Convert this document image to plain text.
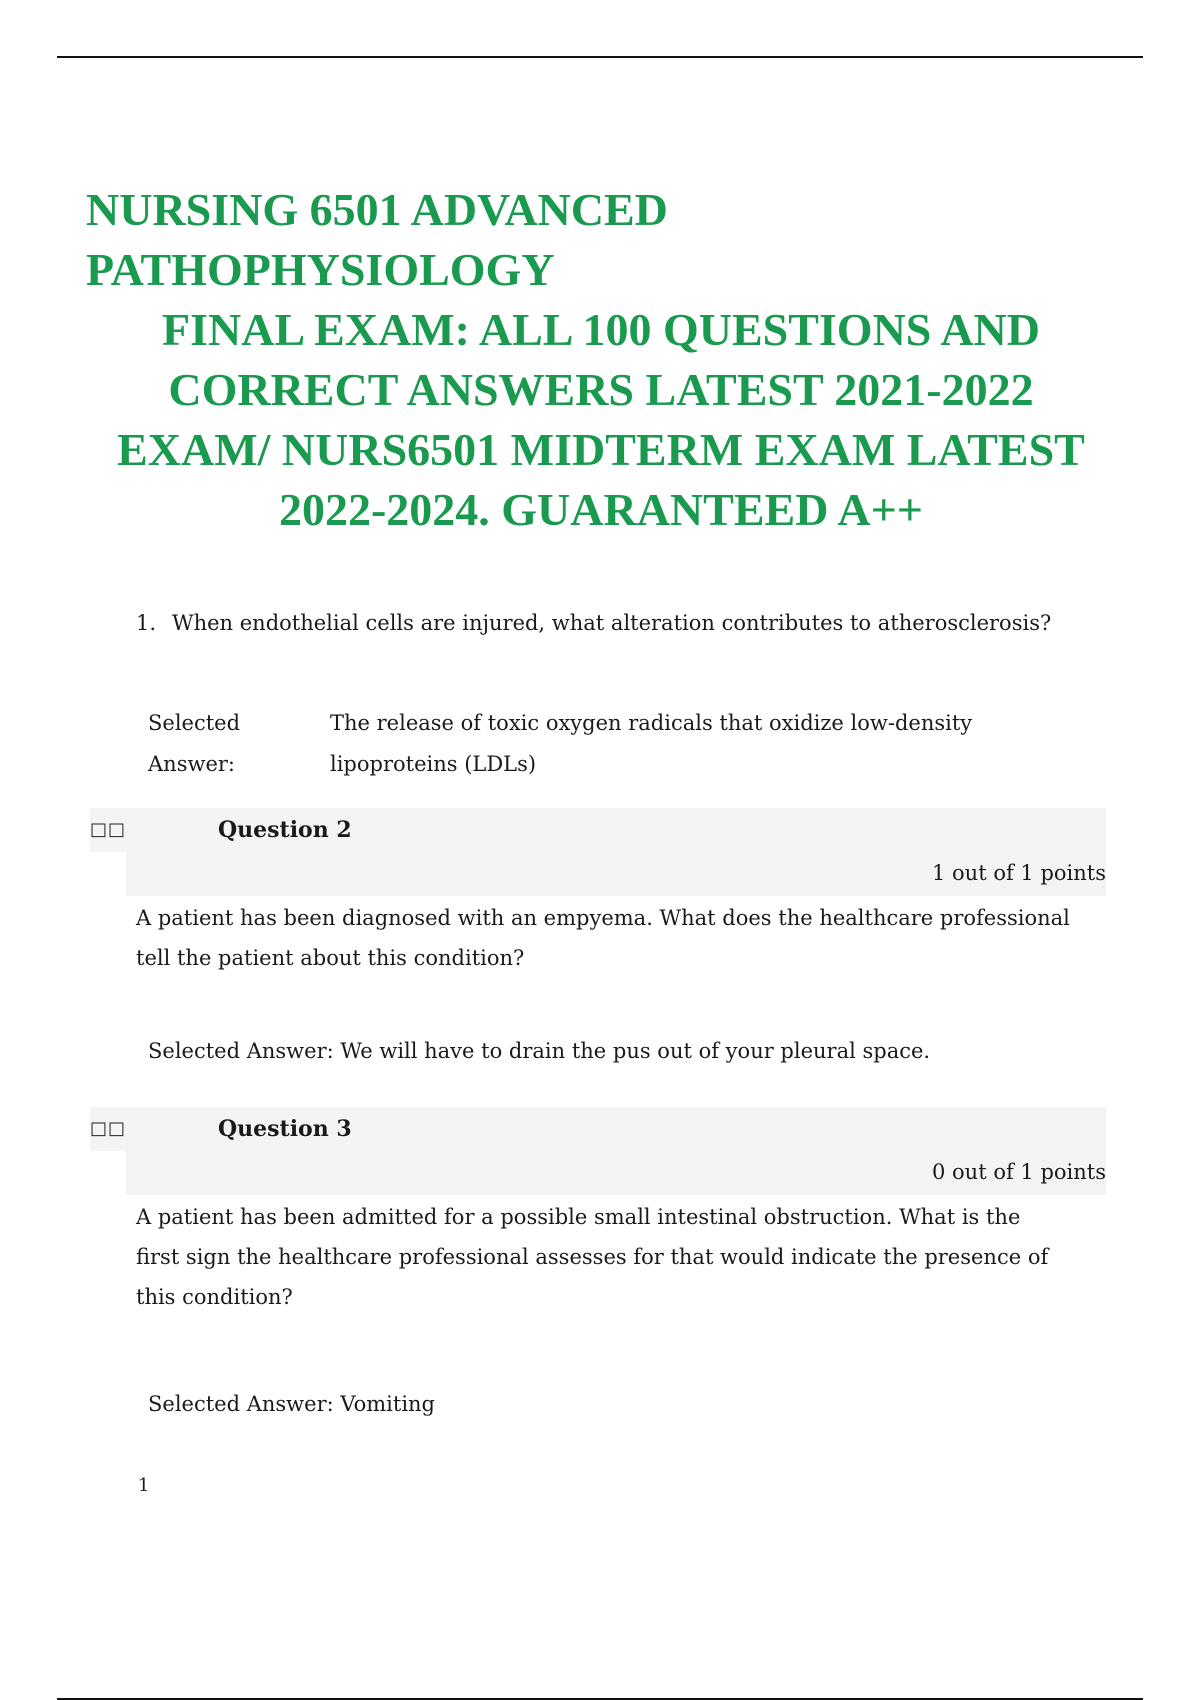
NURSING 6501 ADVANCED
PATHOPHYSIOLOGY
FINAL EXAM: ALL 100 QUESTIONS AND
CORRECT ANSWERS LATEST 2021-2022
EXAM/ NURS6501 MIDTERM EXAM LATEST
2022-2024. GUARANTEED A++
1. When endothelial cells are injured, what alteration contributes to atherosclerosis?
Selected
Answer:
The release of toxic oxygen radicals that oxidize low-density
lipoproteins (LDLs)
□□	Question 2
1 out of 1 points
A patient has been diagnosed with an empyema. What does the healthcare professional
tell the patient about this condition?
Selected Answer: We will have to drain the pus out of your pleural space.
□□	Question 3
0 out of 1 points
A patient has been admitted for a possible small intestinal obstruction. What is the
first sign the healthcare professional assesses for that would indicate the presence of
this condition?
Selected Answer: Vomiting
1
